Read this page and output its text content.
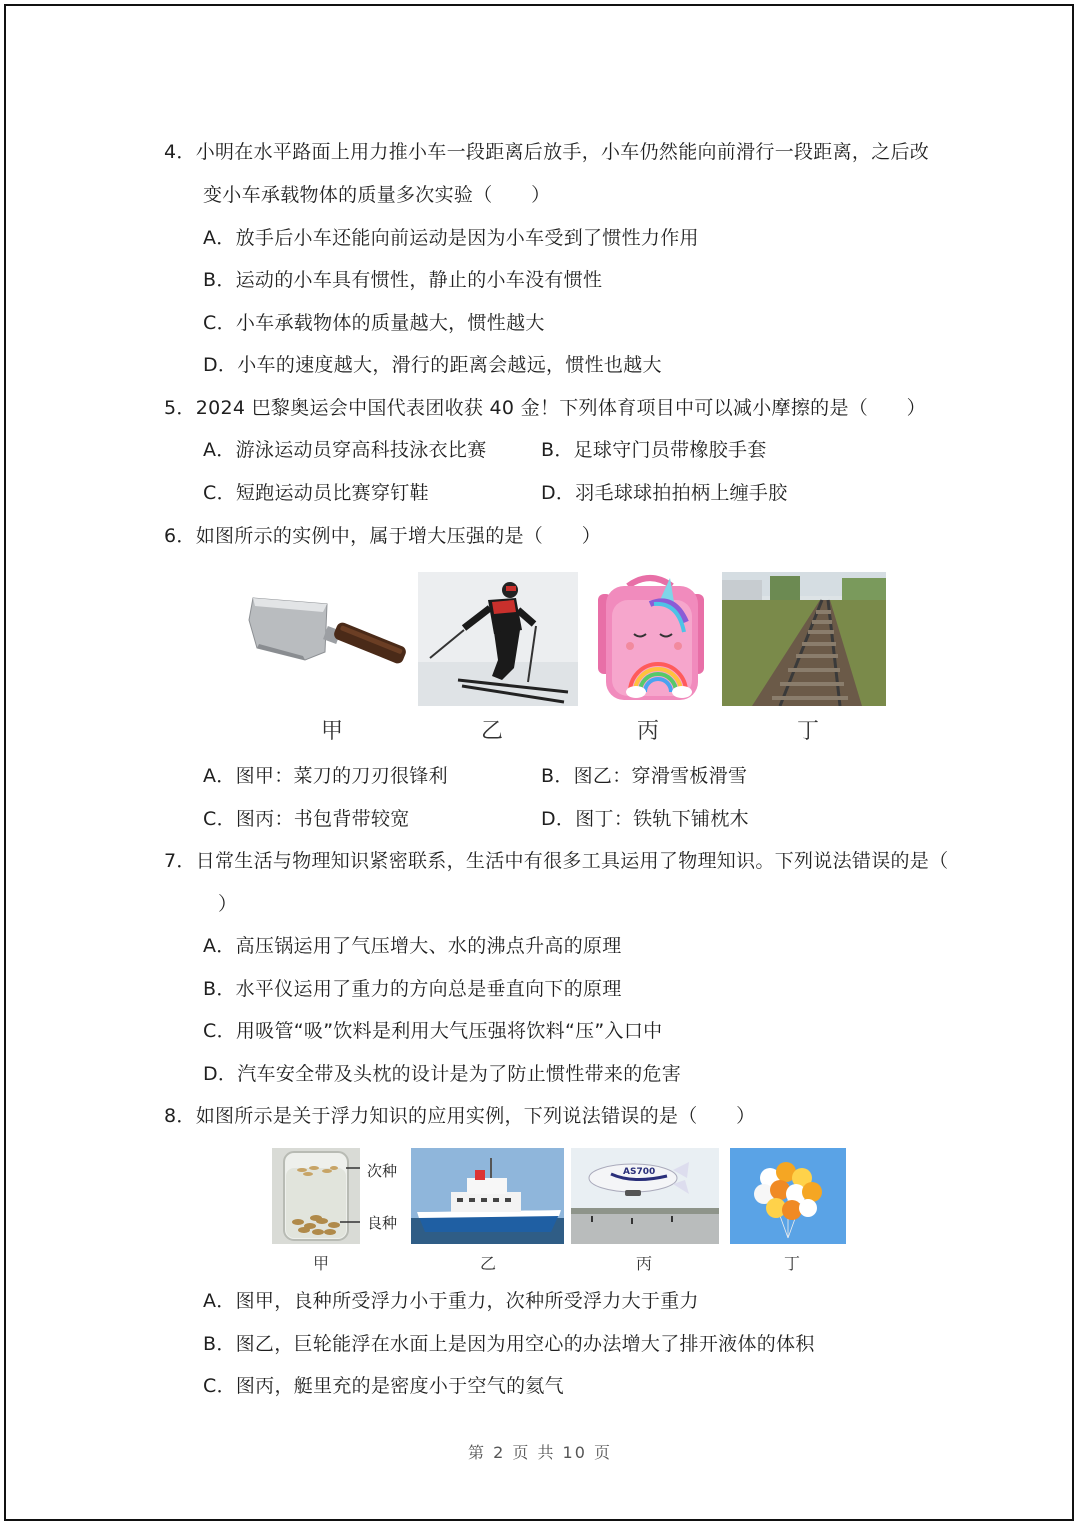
4．小明在水平路面上用力推小车一段距离后放手，小车仍然能向前滑行一段距离，之后改
变小车承载物体的质量多次实验（　　）
A．放手后小车还能向前运动是因为小车受到了惯性力作用
B．运动的小车具有惯性，静止的小车没有惯性
C．小车承载物体的质量越大，惯性越大
D．小车的速度越大，滑行的距离会越远，惯性也越大
5．2024 巴黎奥运会中国代表团收获 40 金！下列体育项目中可以减小摩擦的是（　　）
A．游泳运动员穿高科技泳衣比赛	B．足球守门员带橡胶手套
C．短跑运动员比赛穿钉鞋	D．羽毛球球拍拍柄上缠手胶
6．如图所示的实例中，属于增大压强的是（　　）
甲	乙	丙	丁
A．图甲：菜刀的刀刃很锋利	B．图乙：穿滑雪板滑雪
C．图丙：书包背带较宽	D．图丁：铁轨下铺枕木
7．日常生活与物理知识紧密联系，生活中有很多工具运用了物理知识。下列说法错误的是（
）
A．高压锅运用了气压增大、水的沸点升高的原理
B．水平仪运用了重力的方向总是垂直向下的原理
C．用吸管“吸”饮料是利用大气压强将饮料“压”入口中
D．汽车安全带及头枕的设计是为了防止惯性带来的危害
8．如图所示是关于浮力知识的应用实例，下列说法错误的是（　　）
次种
良种
AS700
甲	乙	丙	丁
A．图甲，良种所受浮力小于重力，次种所受浮力大于重力
B．图乙，巨轮能浮在水面上是因为用空心的办法增大了排开液体的体积
C．图丙，艇里充的是密度小于空气的氦气
第 2 页 共 10 页
